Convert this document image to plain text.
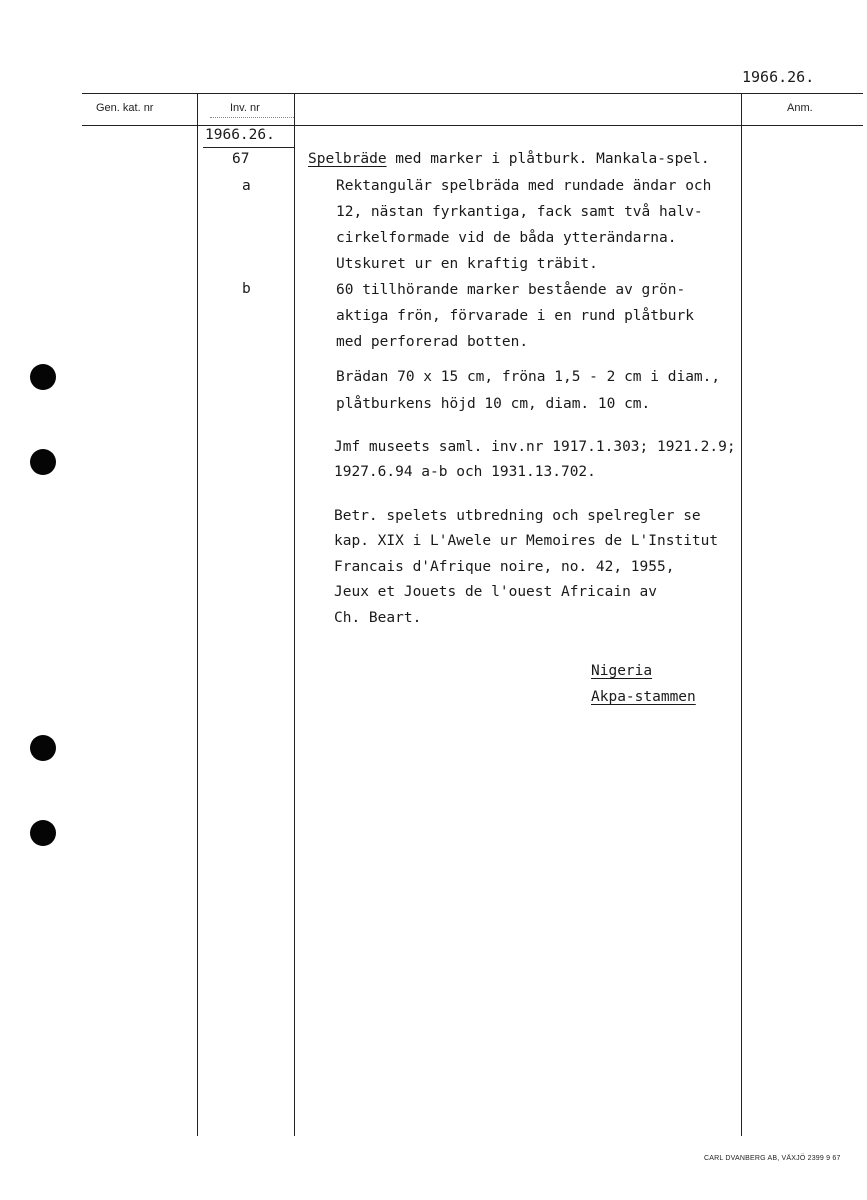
1966.26.
Gen. kat. nr	Inv. nr	Anm.
1966.26.
67
a
b
Spelbräde med marker i plåtburk. Mankala-spel.
Rektangulär spelbräda med rundade ändar och
12, nästan fyrkantiga, fack samt två halv-
cirkelformade vid de båda ytterändarna.
Utskuret ur en kraftig träbit.
60 tillhörande marker bestående av grön-
aktiga frön, förvarade i en rund plåtburk
med perforerad botten.
Brädan 70 x 15 cm, fröna 1,5 - 2 cm i diam.,
plåtburkens höjd 10 cm, diam. 10 cm.
Jmf museets saml. inv.nr 1917.1.303; 1921.2.9;
1927.6.94 a-b och 1931.13.702.
Betr. spelets utbredning och spelregler se
kap. XIX i L'Awele ur Memoires de L'Institut
Francais d'Afrique noire, no. 42, 1955,
Jeux et Jouets de l'ouest Africain av
Ch. Beart.
Nigeria
Akpa-stammen
CARL DVANBERG AB, VÄXJÖ 2399 9 67
